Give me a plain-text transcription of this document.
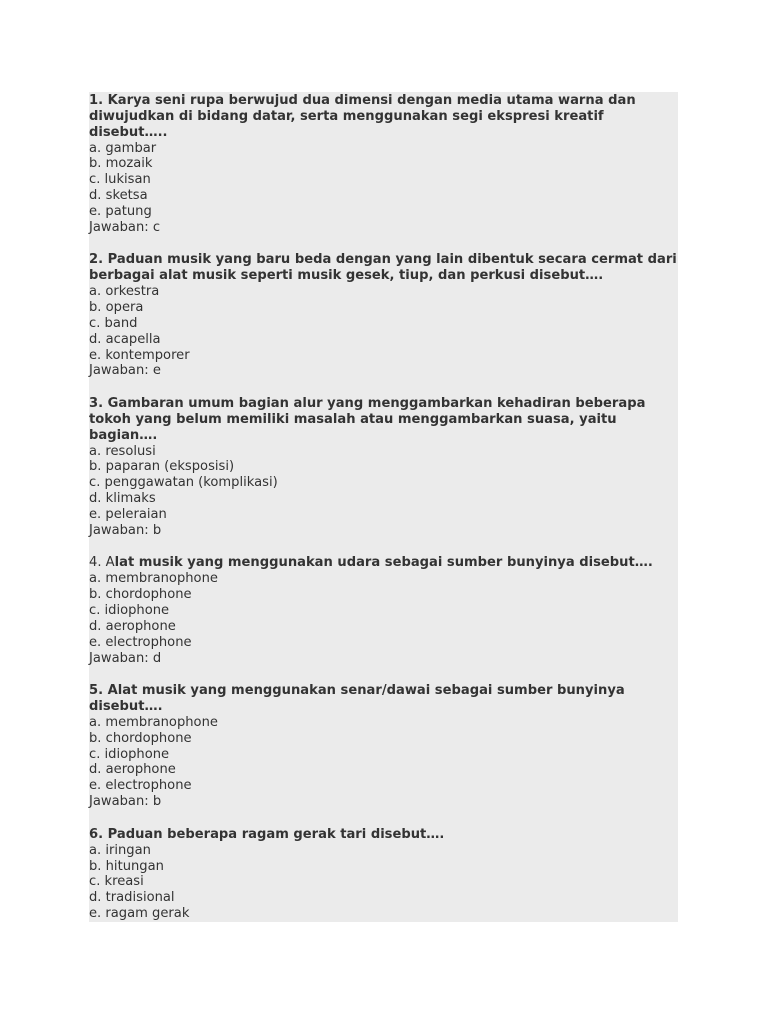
1. Karya seni rupa berwujud dua dimensi dengan media utama warna dan diwujudkan di bidang datar, serta menggunakan segi ekspresi kreatif disebut…..
a. gambar
b. mozaik
c. lukisan
d. sketsa
e. patung
Jawaban: c
2. Paduan musik yang baru beda dengan yang lain dibentuk secara cermat dari berbagai alat musik seperti musik gesek, tiup, dan perkusi disebut….
a. orkestra
b. opera
c. band
d. acapella
e. kontemporer
Jawaban: e
3. Gambaran umum bagian alur yang menggambarkan kehadiran beberapa tokoh yang belum memiliki masalah atau menggambarkan suasa, yaitu bagian….
a. resolusi
b. paparan (eksposisi)
c. penggawatan (komplikasi)
d. klimaks
e. peleraian
Jawaban: b
4. Alat musik yang menggunakan udara sebagai sumber bunyinya disebut….
a. membranophone
b. chordophone
c. idiophone
d. aerophone
e. electrophone
Jawaban: d
5. Alat musik yang menggunakan senar/dawai sebagai sumber bunyinya disebut….
a. membranophone
b. chordophone
c. idiophone
d. aerophone
e. electrophone
Jawaban: b
6. Paduan beberapa ragam gerak tari disebut….
a. iringan
b. hitungan
c. kreasi
d. tradisional
e. ragam gerak
